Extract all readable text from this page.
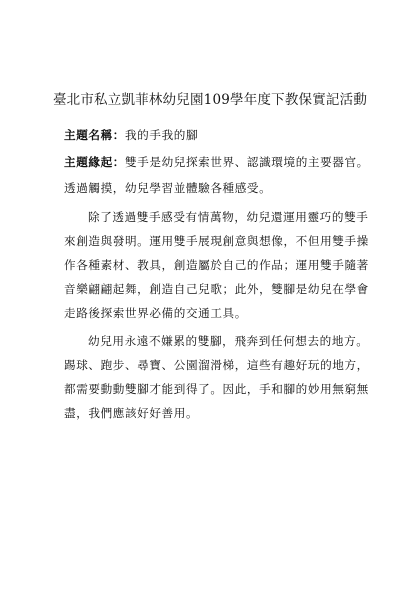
臺北市私立凱菲林幼兒園109學年度下教保實記活動
主題名稱：我的手我的腳
主題緣起：雙手是幼兒探索世界、認識環境的主要器官。
透過觸摸，幼兒學習並體驗各種感受。
除了透過雙手感受有情萬物，幼兒還運用靈巧的雙手
來創造與發明。運用雙手展現創意與想像，不但用雙手操
作各種素材、教具，創造屬於自己的作品；運用雙手隨著
音樂翩翩起舞，創造自己兒歌；此外，雙腳是幼兒在學會
走路後探索世界必備的交通工具。
幼兒用永遠不嫌累的雙腳，飛奔到任何想去的地方。
踢球、跑步、尋寶、公園溜滑梯，這些有趣好玩的地方，
都需要動動雙腳才能到得了。因此，手和腳的妙用無窮無
盡，我們應該好好善用。
